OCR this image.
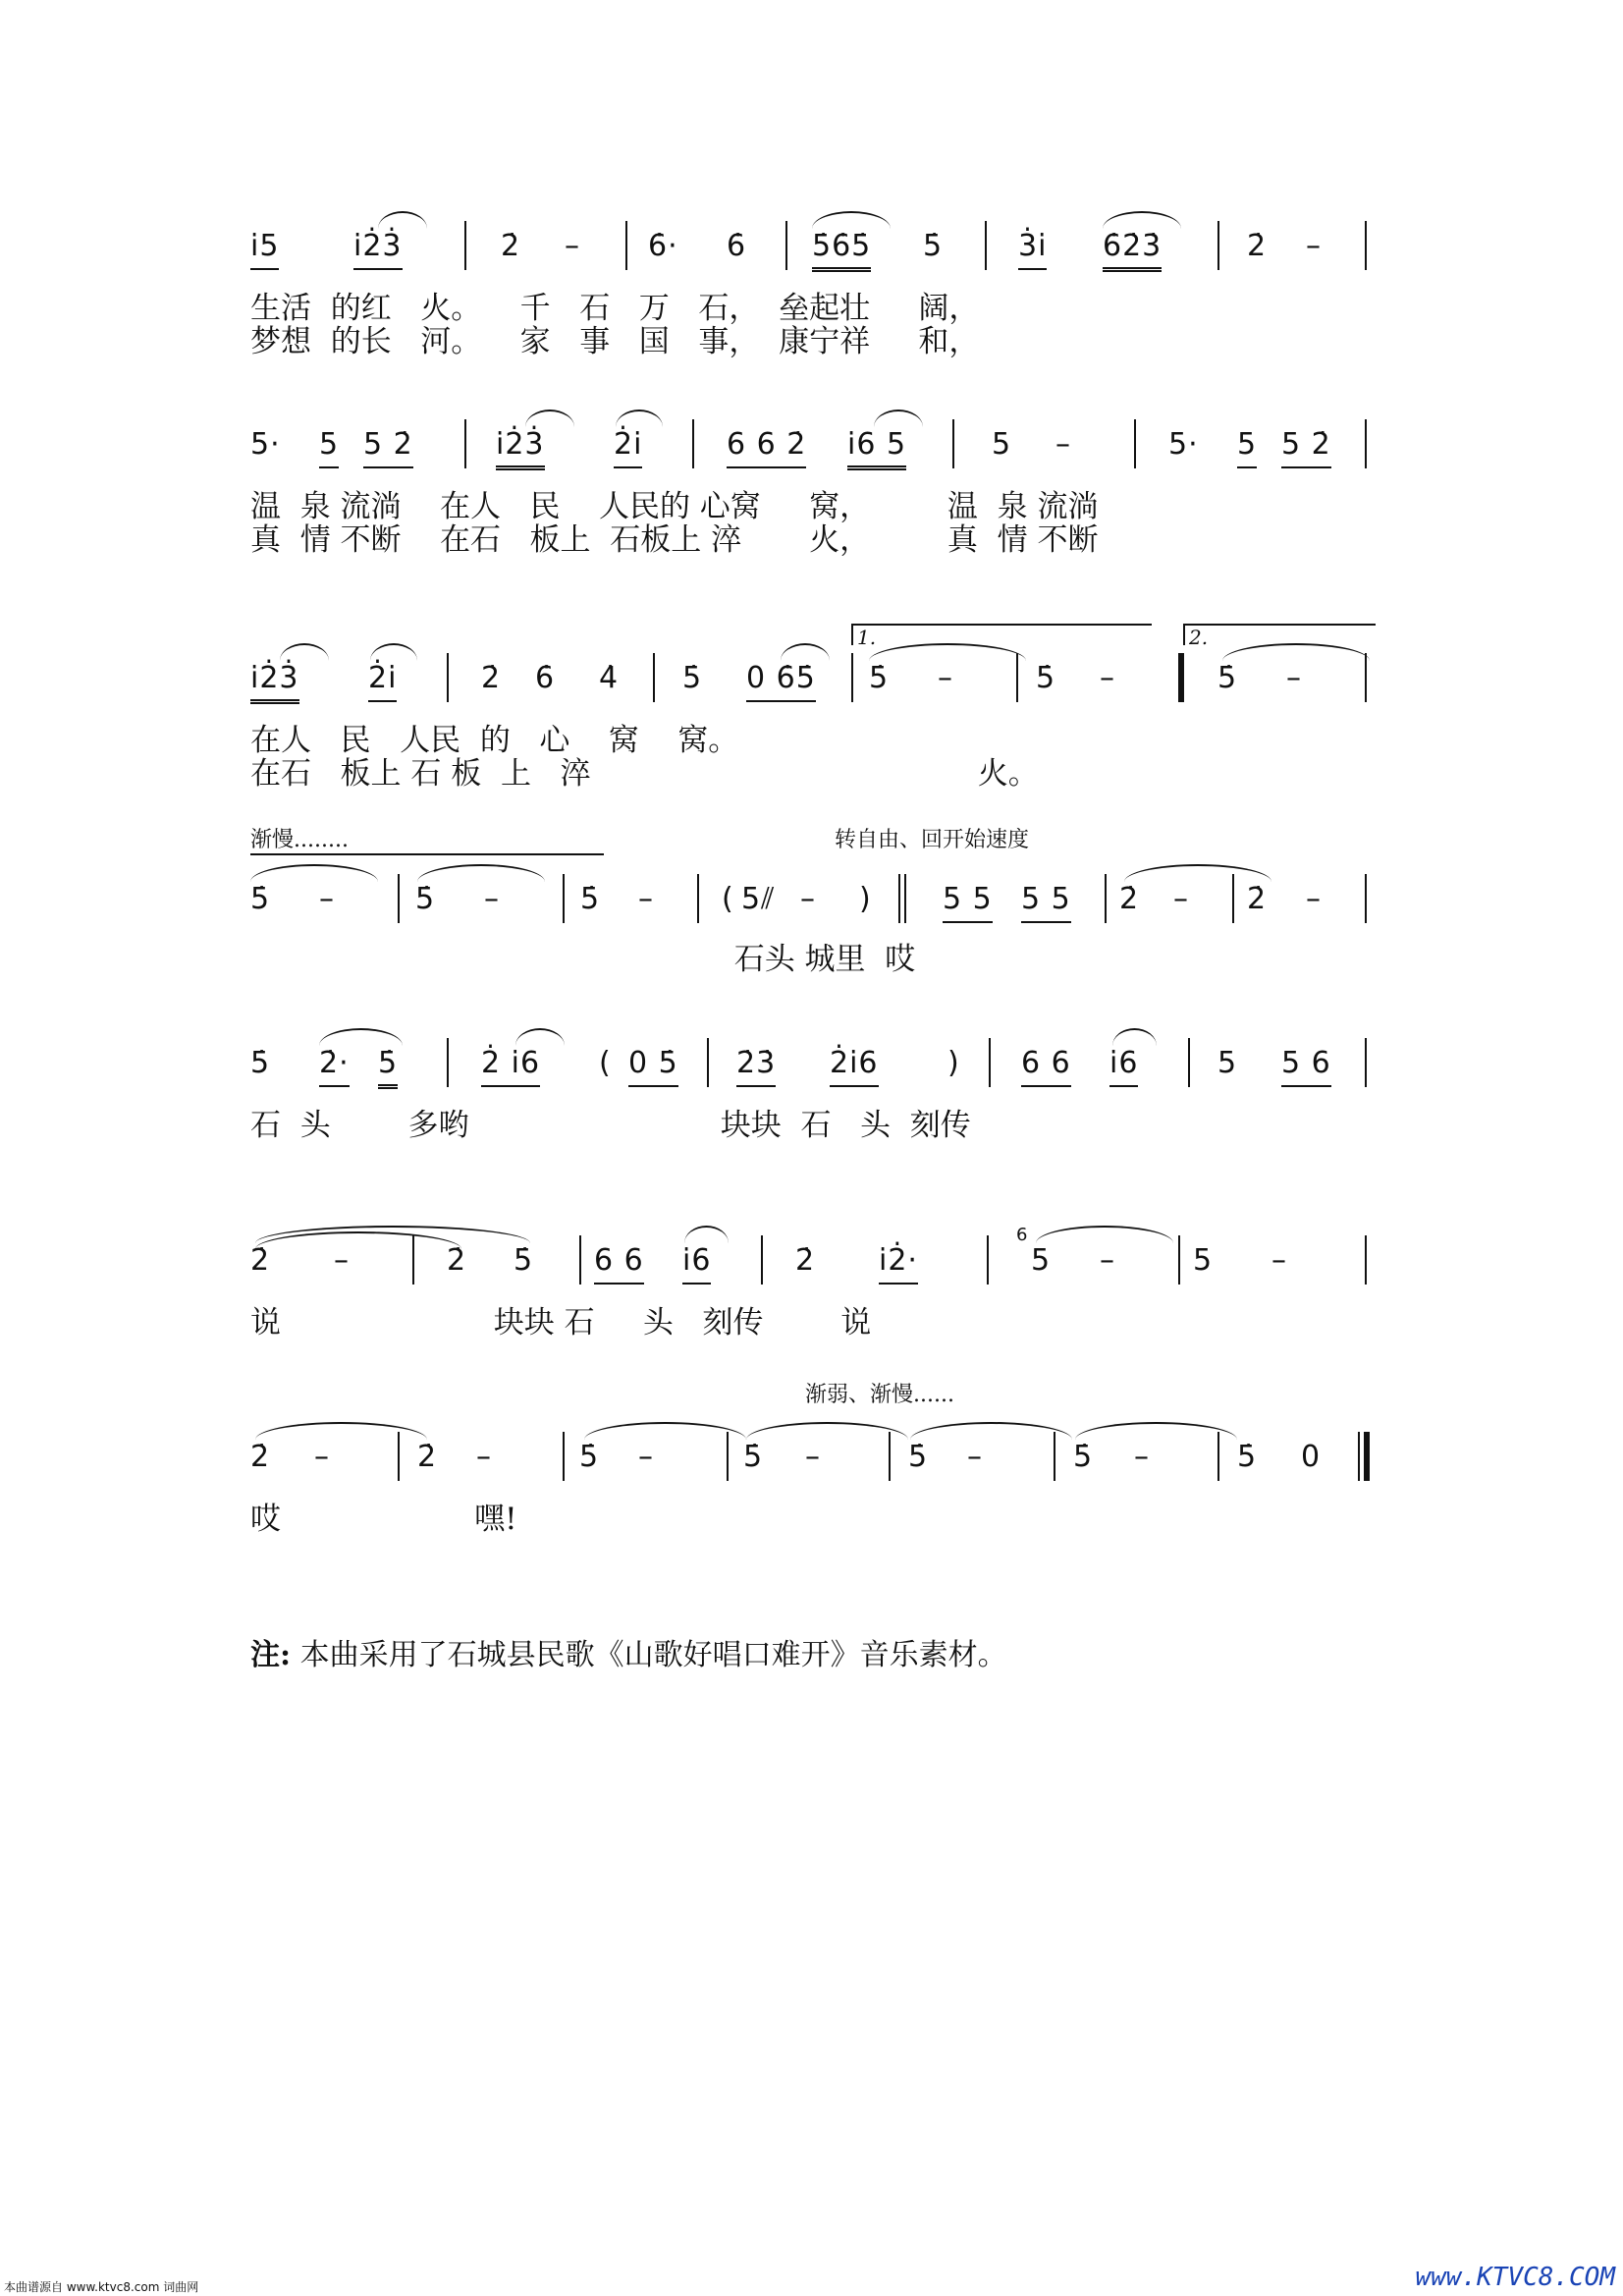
i̇5	i̇2̇3̇	2̇ – 6̇· 6̇ 5̇6̇5̇ 5̇	3̇i̇ 6̇2̇3̇	2̇ –
生活  的红   火。    千   石   万   石，  垒起壮     阔，
梦想  的长   河。    家   事   国   事，  康宁祥     和，
5· 5 5 2̇	i̇2̇3̇ 2̇i̇	6 6 2̇ i̇6 5	5 –	5· 5 5 2̇
温  泉 流淌    在人   民    人民的 心窝     窝，        温  泉 流淌
真  情 不断    在石   板上  石板上 淬       火，        真  情 不断
1.	2.
i̇2̇3̇ 2̇i̇	2̇ 6̇ 4̇ 5̇ 0 6̇5̇ 5̇ –	5̇ –	5̇ –
在人   民   人民  的   心    窝    窝。
在石   板上 石 板  上   淬                                        火。
渐慢........	转自由、回开始速度
5̇ –	5̇ –	5̇ – ( 5⫽ – ) 5 5 5 5 2̇ – 2̇ –
石头 城里  哎
5̇ 2̇· 5̇	2̇ i̇6 ( 0 5̇ 2̇3̇ 2̇i̇6 ) 6 6 i̇6	5 5 6
石  头        多哟                          块块  石   头  刻传
2̇ –	2̇ 5̇ 6 6 i̇6	2̇ i̇2̇·
6
5 –	5 –
说                      块块 石     头   刻传        说
渐弱、渐慢......
2̇ –	2̇ –	5̇ –	5̇ –	5̇ –	5̇ –	5̇ 0
哎                    嘿!
注: 本曲采用了石城县民歌《山歌好唱口难开》音乐素材。
本曲谱源自 www.ktvc8.com 词曲网	www.KTVC8.COM
